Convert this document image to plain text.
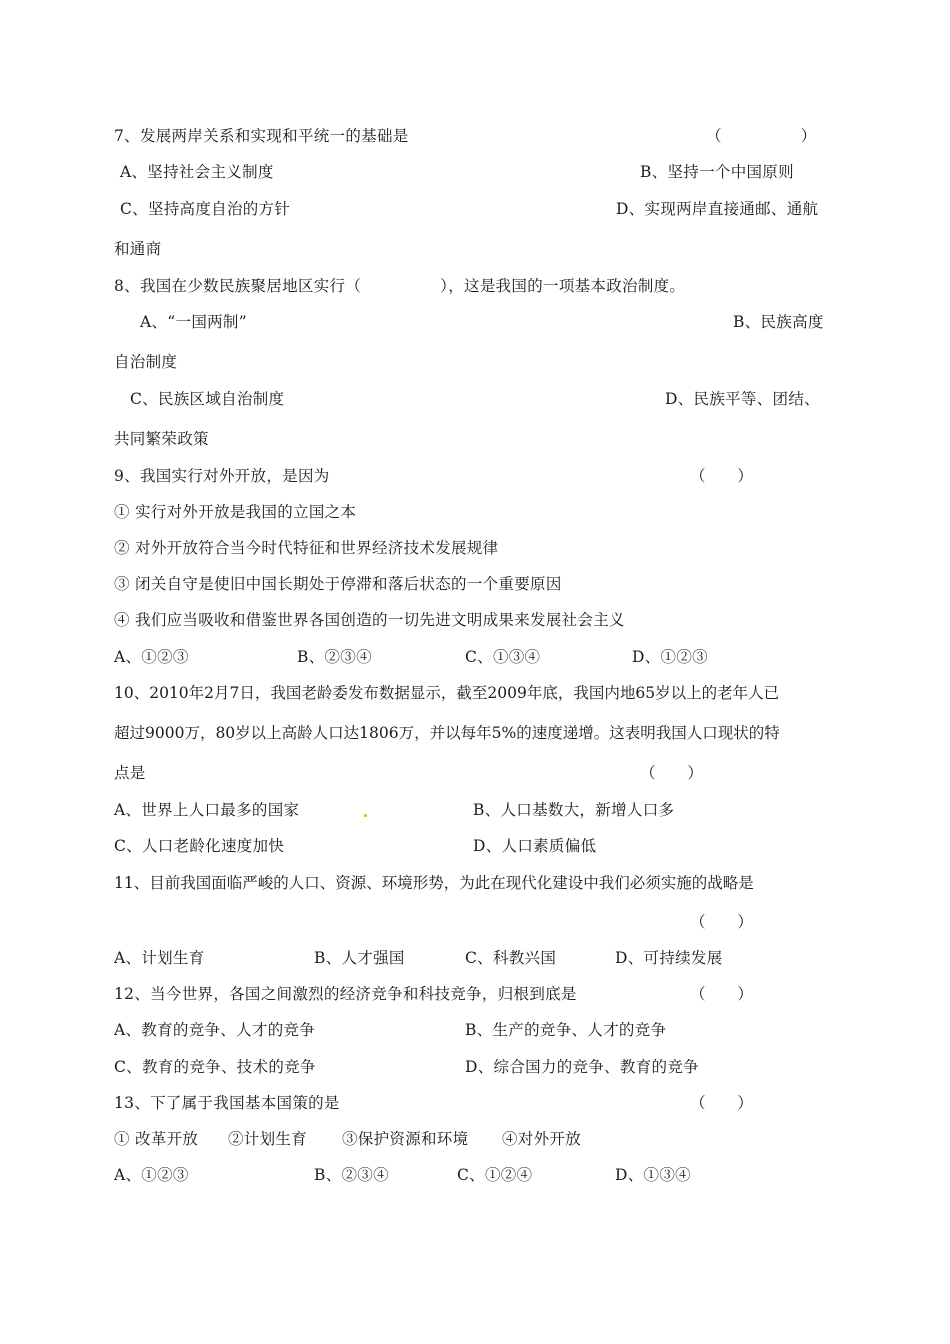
7、发展两岸关系和实现和平统一的基础是	（　　　　　）
A、坚持社会主义制度	B、坚持一个中国原则
C、坚持高度自治的方针	D、实现两岸直接通邮、通航
和通商
8、我国在少数民族聚居地区实行（　　　　　），这是我国的一项基本政治制度。
A、“一国两制”	B、民族高度
自治制度
C、民族区域自治制度	D、民族平等、团结、
共同繁荣政策
9、我国实行对外开放，是因为	（　　）
① 实行对外开放是我国的立国之本
② 对外开放符合当今时代特征和世界经济技术发展规律
③ 闭关自守是使旧中国长期处于停滞和落后状态的一个重要原因
④ 我们应当吸收和借鉴世界各国创造的一切先进文明成果来发展社会主义
A、①②③	B、②③④	C、①③④	D、①②③
10、2010年2月7日，我国老龄委发布数据显示，截至2009年底，我国内地65岁以上的老年人已
超过9000万，80岁以上高龄人口达1806万，并以每年5%的速度递增。这表明我国人口现状的特
点是	（　　）
A、世界上人口最多的国家	B、人口基数大，新增人口多
C、人口老龄化速度加快	D、人口素质偏低
11、目前我国面临严峻的人口、资源、环境形势，为此在现代化建设中我们必须实施的战略是
（　　）
A、计划生育	B、人才强国	C、科教兴国	D、可持续发展
12、当今世界，各国之间激烈的经济竞争和科技竞争，归根到底是	（　　）
A、教育的竞争、人才的竞争	B、生产的竞争、人才的竞争
C、教育的竞争、技术的竞争	D、综合国力的竞争、教育的竞争
13、下了属于我国基本国策的是	（　　）
① 改革开放 ②计划生育 ③保护资源和环境 ④对外开放
A、①②③	B、②③④	C、①②④	D、①③④
